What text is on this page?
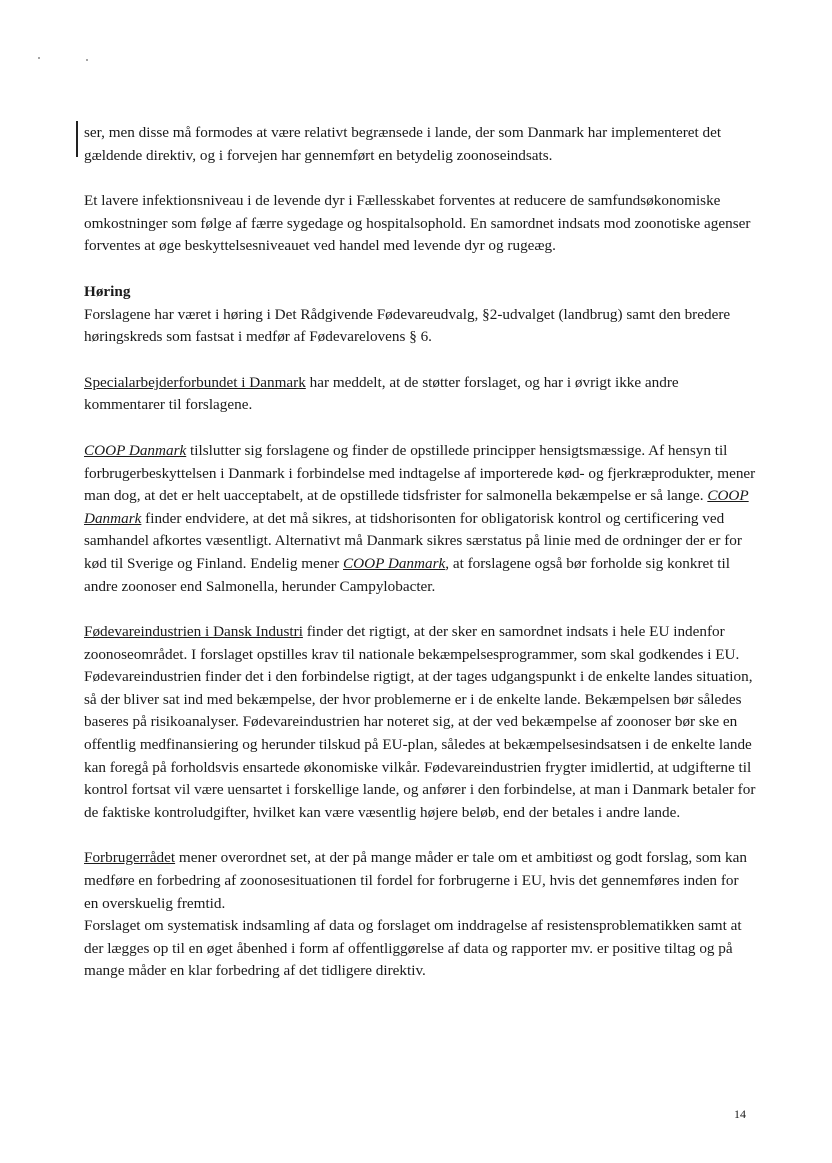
ser, men disse må formodes at være relativt begrænsede i lande, der som Danmark har implementeret det gældende direktiv, og i forvejen har gennemført en betydelig zoonoseindsats.

Et lavere infektionsniveau i de levende dyr i Fællesskabet forventes at reducere de samfundsøkonomiske omkostninger som følge af færre sygedage og hospitalsophold. En samordnet indsats mod zoonotiske agenser forventes at øge beskyttelsesniveauet ved handel med levende dyr og rugeæg.

Høring

Forslagene har været i høring i Det Rådgivende Fødevareudvalg, §2-udvalget (landbrug) samt den bredere høringskreds som fastsat i medfør af Fødevarelovens § 6.

Specialarbejderforbundet i Danmark har meddelt, at de støtter forslaget, og har i øvrigt ikke andre kommentarer til forslagene.

COOP Danmark tilslutter sig forslagene og finder de opstillede principper hensigtsmæssige. Af hensyn til forbrugerbeskyttelsen i Danmark i forbindelse med indtagelse af importerede kød- og fjerkræprodukter, mener man dog, at det er helt uacceptabelt, at de opstillede tidsfrister for salmonella bekæmpelse er så lange. COOP Danmark finder endvidere, at det må sikres, at tidshorisonten for obligatorisk kontrol og certificering ved samhandel afkortes væsentligt. Alternativt må Danmark sikres særstatus på linie med de ordninger der er for kød til Sverige og Finland. Endelig mener COOP Danmark, at forslagene også bør forholde sig konkret til andre zoonoser end Salmonella, herunder Campylobacter.

Fødevareindustrien i Dansk Industri finder det rigtigt, at der sker en samordnet indsats i hele EU indenfor zoonoseområdet. I forslaget opstilles krav til nationale bekæmpelsesprogrammer, som skal godkendes i EU. Fødevareindustrien finder det i den forbindelse rigtigt, at der tages udgangspunkt i de enkelte landes situation, så der bliver sat ind med bekæmpelse, der hvor problemerne er i de enkelte lande. Bekæmpelsen bør således baseres på risikoanalyser. Fødevareindustrien har noteret sig, at der ved bekæmpelse af zoonoser bør ske en offentlig medfinansiering og herunder tilskud på EU-plan, således at bekæmpelsesindsatsen i de enkelte lande kan foregå på forholdsvis ensartede økonomiske vilkår. Fødevareindustrien frygter imidlertid, at udgifterne til kontrol fortsat vil være uensartet i forskellige lande, og anfører i den forbindelse, at man i Danmark betaler for de faktiske kontroludgifter, hvilket kan være væsentlig højere beløb, end der betales i andre lande.

Forbrugerrådet mener overordnet set, at der på mange måder er tale om et ambitiøst og godt forslag, som kan medføre en forbedring af zoonosesituationen til fordel for forbrugerne i EU, hvis det gennemføres inden for en overskuelig fremtid.

Forslaget om systematisk indsamling af data og forslaget om inddragelse af resistensproblematikken samt at der lægges op til en øget åbenhed i form af offentliggørelse af data og rapporter mv. er positive tiltag og på mange måder en klar forbedring af det tidligere direktiv.

14
